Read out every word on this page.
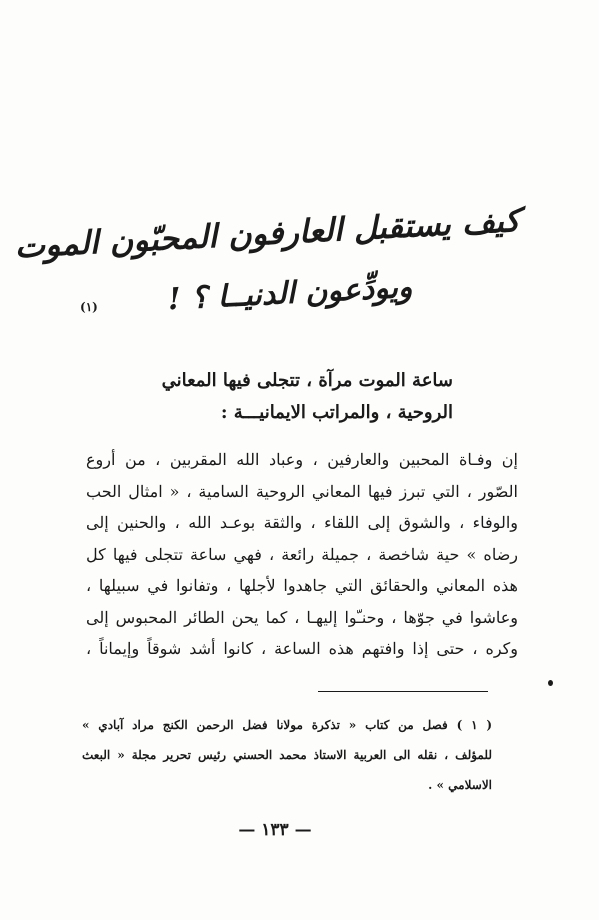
كيف يستقبل العارفون المحبّون الموت
ويودِّعون الدنيــا ؟ !
(١)
ساعة الموت مرآة ، تتجلى فيها المعاني
الروحية ، والمراتب الايمانيـــة :
إن وفـاة المحبين والعارفين ، وعباد الله المقربين ، من أروع
الصّور ، التي تبرز فيها المعاني الروحية السامية ، « امثال الحب
والوفاء ، والشوق إلى اللقاء ، والثقة بوعـد الله ، والحنين إلى
رضاه » حية شاخصة ، جميلة رائعة ، فهي ساعة تتجلى فيها كل
هذه المعاني والحقائق التي جاهدوا لأجلها ، وتفانوا في سبيلها ،
وعاشوا في جوّها ، وحنـّوا إليهـا ، كما يحن الطائر المحبوس إلى
وكره ، حتى إذا وافتهم هذه الساعة ، كانوا أشد شوقاً وإيماناً ،
( ١ ) فصل من كتاب « تذكرة مولانا فضل الرحمن الكنج مراد آبادي »
للمؤلف ، نقله الى العربية الاستاذ محمد الحسني رئيس تحرير مجلة « البعث
الاسلامي » .
— ١٣٣ —
